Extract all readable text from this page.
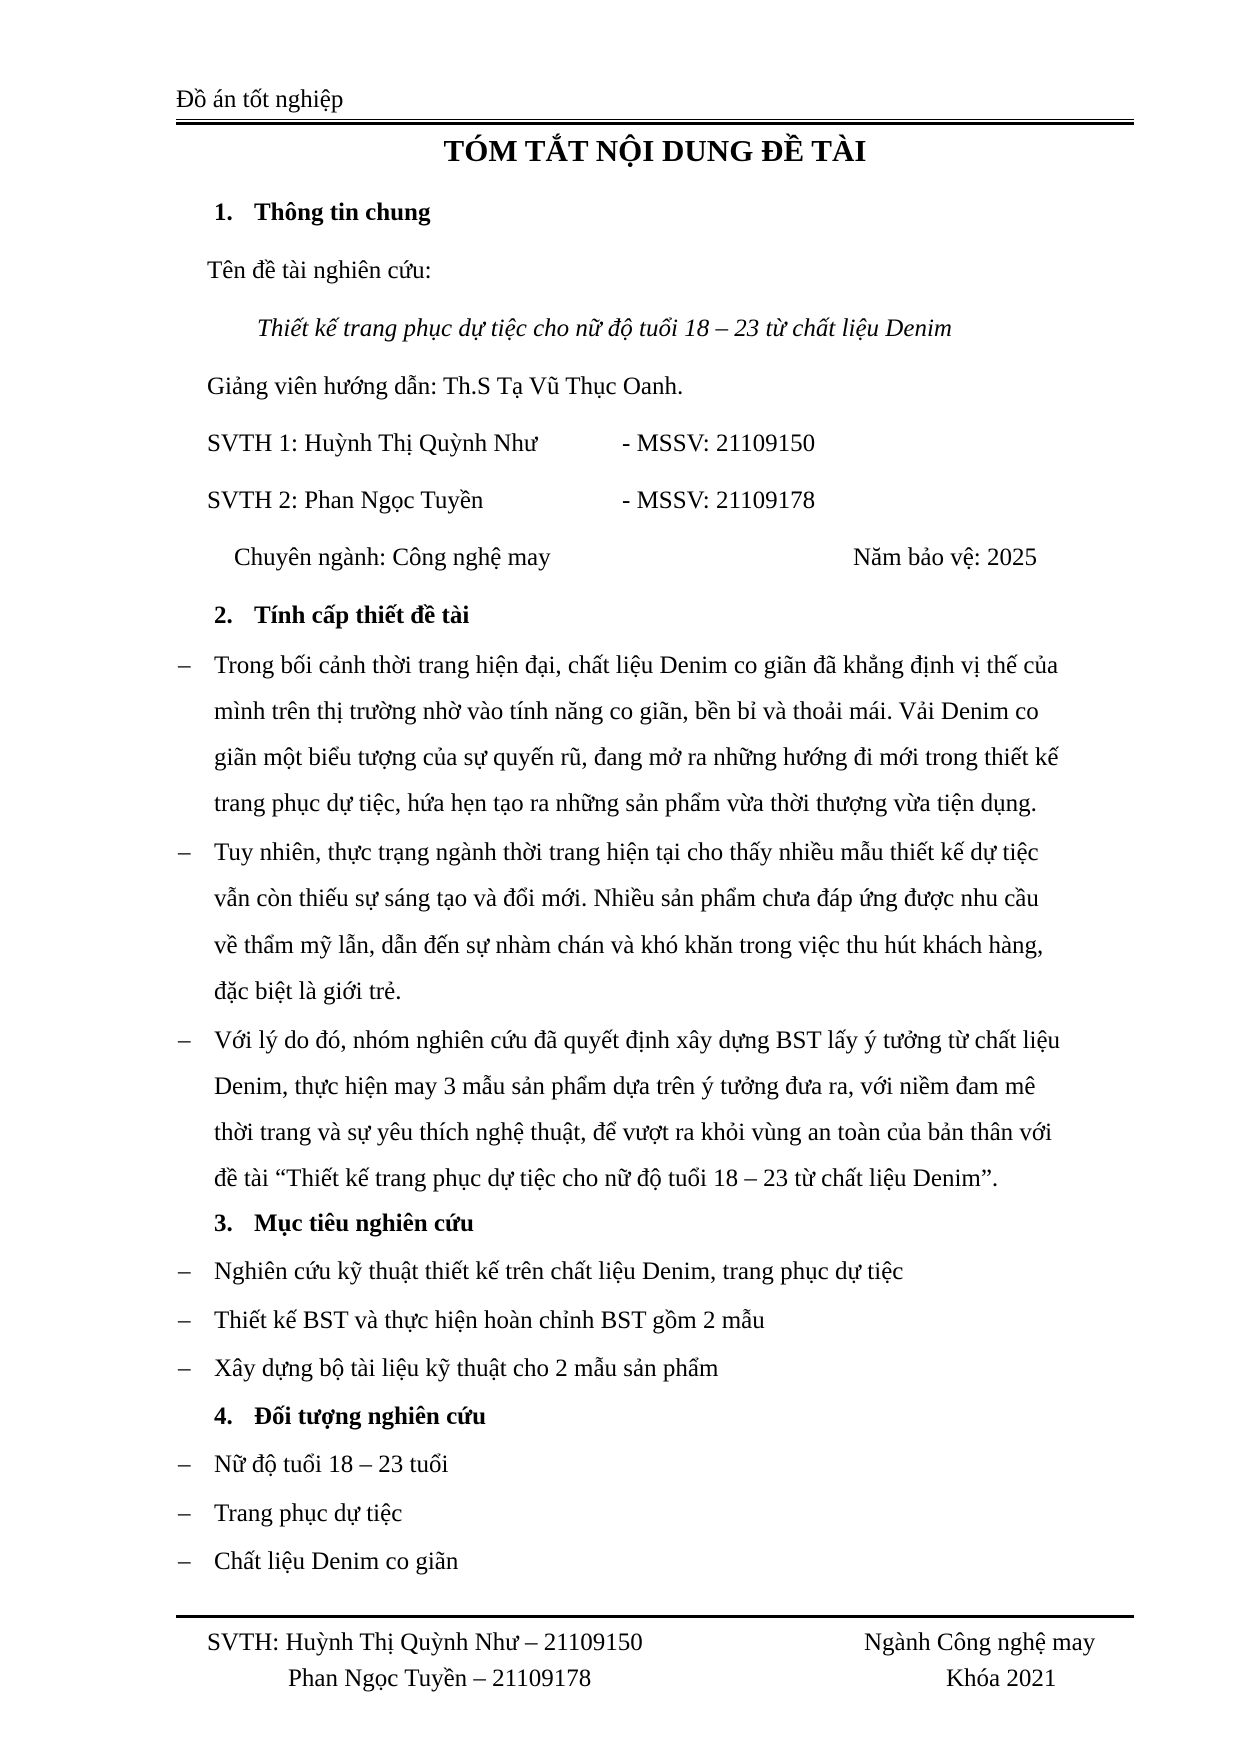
Đồ án tốt nghiệp
TÓM TẮT NỘI DUNG ĐỀ TÀI
1. Thông tin chung
Tên đề tài nghiên cứu:
Thiết kế trang phục dự tiệc cho nữ độ tuổi 18 – 23 từ chất liệu Denim
Giảng viên hướng dẫn: Th.S Tạ Vũ Thục Oanh.
SVTH 1: Huỳnh Thị Quỳnh Như	- MSSV: 21109150
SVTH 2: Phan Ngọc Tuyền	- MSSV: 21109178
Chuyên ngành: Công nghệ may	Năm bảo vệ: 2025
2. Tính cấp thiết đề tài
– Trong bối cảnh thời trang hiện đại, chất liệu Denim co giãn đã khẳng định vị thế của
mình trên thị trường nhờ vào tính năng co giãn, bền bỉ và thoải mái. Vải Denim co
giãn một biểu tượng của sự quyến rũ, đang mở ra những hướng đi mới trong thiết kế
trang phục dự tiệc, hứa hẹn tạo ra những sản phẩm vừa thời thượng vừa tiện dụng.
– Tuy nhiên, thực trạng ngành thời trang hiện tại cho thấy nhiều mẫu thiết kế dự tiệc
vẫn còn thiếu sự sáng tạo và đổi mới. Nhiều sản phẩm chưa đáp ứng được nhu cầu
về thẩm mỹ lẫn, dẫn đến sự nhàm chán và khó khăn trong việc thu hút khách hàng,
đặc biệt là giới trẻ.
– Với lý do đó, nhóm nghiên cứu đã quyết định xây dựng BST lấy ý tưởng từ chất liệu
Denim, thực hiện may 3 mẫu sản phẩm dựa trên ý tưởng đưa ra, với niềm đam mê
thời trang và sự yêu thích nghệ thuật, để vượt ra khỏi vùng an toàn của bản thân với
đề tài “Thiết kế trang phục dự tiệc cho nữ độ tuổi 18 – 23 từ chất liệu Denim”.
3. Mục tiêu nghiên cứu
– Nghiên cứu kỹ thuật thiết kế trên chất liệu Denim, trang phục dự tiệc
– Thiết kế BST và thực hiện hoàn chỉnh BST gồm 2 mẫu
– Xây dựng bộ tài liệu kỹ thuật cho 2 mẫu sản phẩm
4. Đối tượng nghiên cứu
– Nữ độ tuổi 18 – 23 tuổi
– Trang phục dự tiệc
– Chất liệu Denim co giãn
SVTH: Huỳnh Thị Quỳnh Như – 21109150
Phan Ngọc Tuyền – 21109178
Ngành Công nghệ may
Khóa 2021
